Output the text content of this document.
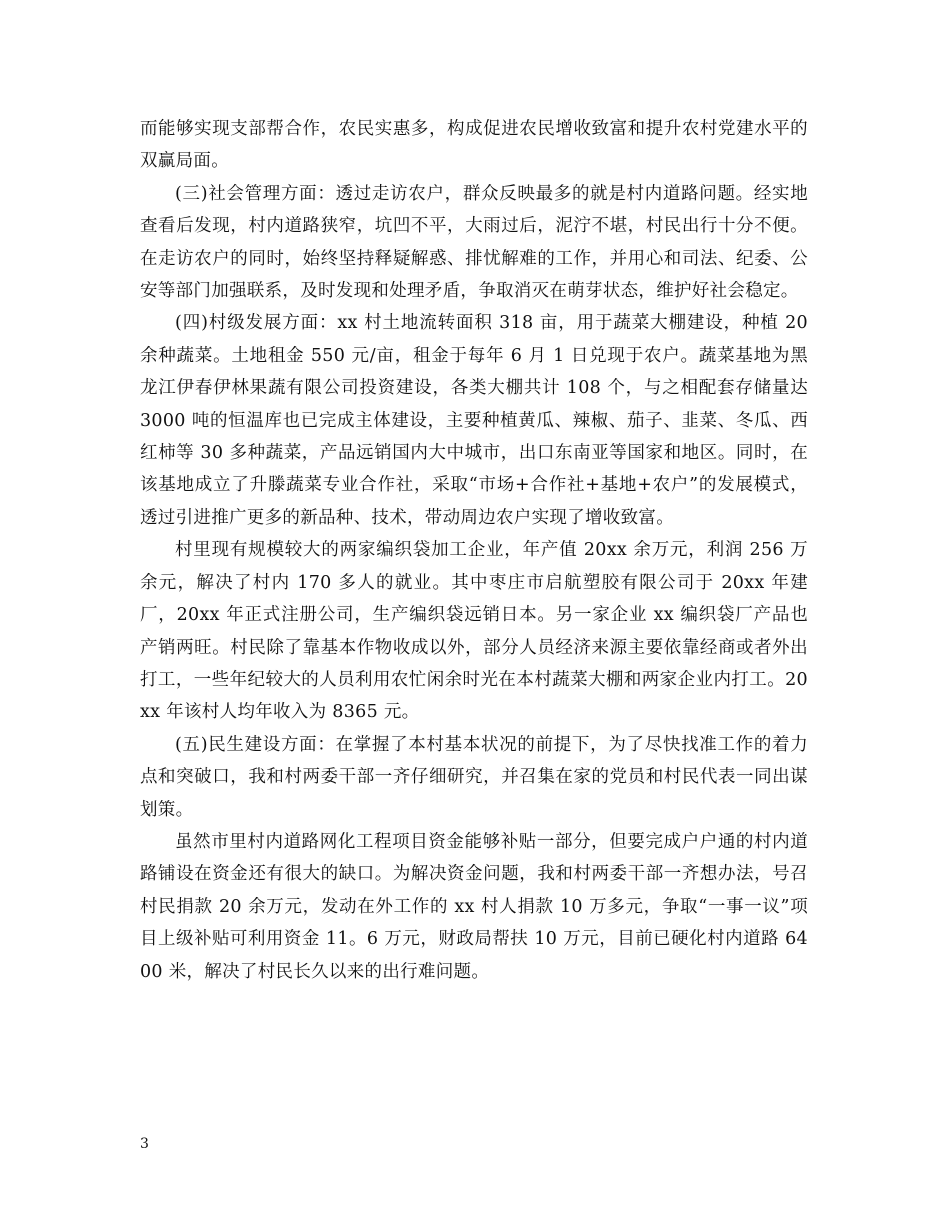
而能够实现支部帮合作，农民实惠多，构成促进农民增收致富和提升农村党建水平的双赢局面。

(三)社会管理方面：透过走访农户，群众反映最多的就是村内道路问题。经实地查看后发现，村内道路狭窄，坑凹不平，大雨过后，泥泞不堪，村民出行十分不便。在走访农户的同时，始终坚持释疑解惑、排忧解难的工作，并用心和司法、纪委、公安等部门加强联系，及时发现和处理矛盾，争取消灭在萌芽状态，维护好社会稳定。

(四)村级发展方面：xx 村土地流转面积 318 亩，用于蔬菜大棚建设，种植 20 余种蔬菜。土地租金 550 元/亩，租金于每年 6 月 1 日兑现于农户。蔬菜基地为黑龙江伊春伊林果蔬有限公司投资建设，各类大棚共计 108 个，与之相配套存储量达 3000 吨的恒温库也已完成主体建设，主要种植黄瓜、辣椒、茄子、韭菜、冬瓜、西红柿等 30 多种蔬菜，产品远销国内大中城市，出口东南亚等国家和地区。同时，在该基地成立了升滕蔬菜专业合作社，采取“市场+合作社+基地+农户”的发展模式，透过引进推广更多的新品种、技术，带动周边农户实现了增收致富。

村里现有规模较大的两家编织袋加工企业，年产值 20xx 余万元，利润 256 万余元，解决了村内 170 多人的就业。其中枣庄市启航塑胶有限公司于 20xx 年建厂，20xx 年正式注册公司，生产编织袋远销日本。另一家企业 xx 编织袋厂产品也产销两旺。村民除了靠基本作物收成以外，部分人员经济来源主要依靠经商或者外出打工，一些年纪较大的人员利用农忙闲余时光在本村蔬菜大棚和两家企业内打工。20xx 年该村人均年收入为 8365 元。

(五)民生建设方面：在掌握了本村基本状况的前提下，为了尽快找准工作的着力点和突破口，我和村两委干部一齐仔细研究，并召集在家的党员和村民代表一同出谋划策。

虽然市里村内道路网化工程项目资金能够补贴一部分，但要完成户户通的村内道路铺设在资金还有很大的缺口。为解决资金问题，我和村两委干部一齐想办法，号召村民捐款 20 余万元，发动在外工作的 xx 村人捐款 10 万多元，争取“一事一议”项目上级补贴可利用资金 11。6 万元，财政局帮扶 10 万元，目前已硬化村内道路 6400 米，解决了村民长久以来的出行难问题。

3
